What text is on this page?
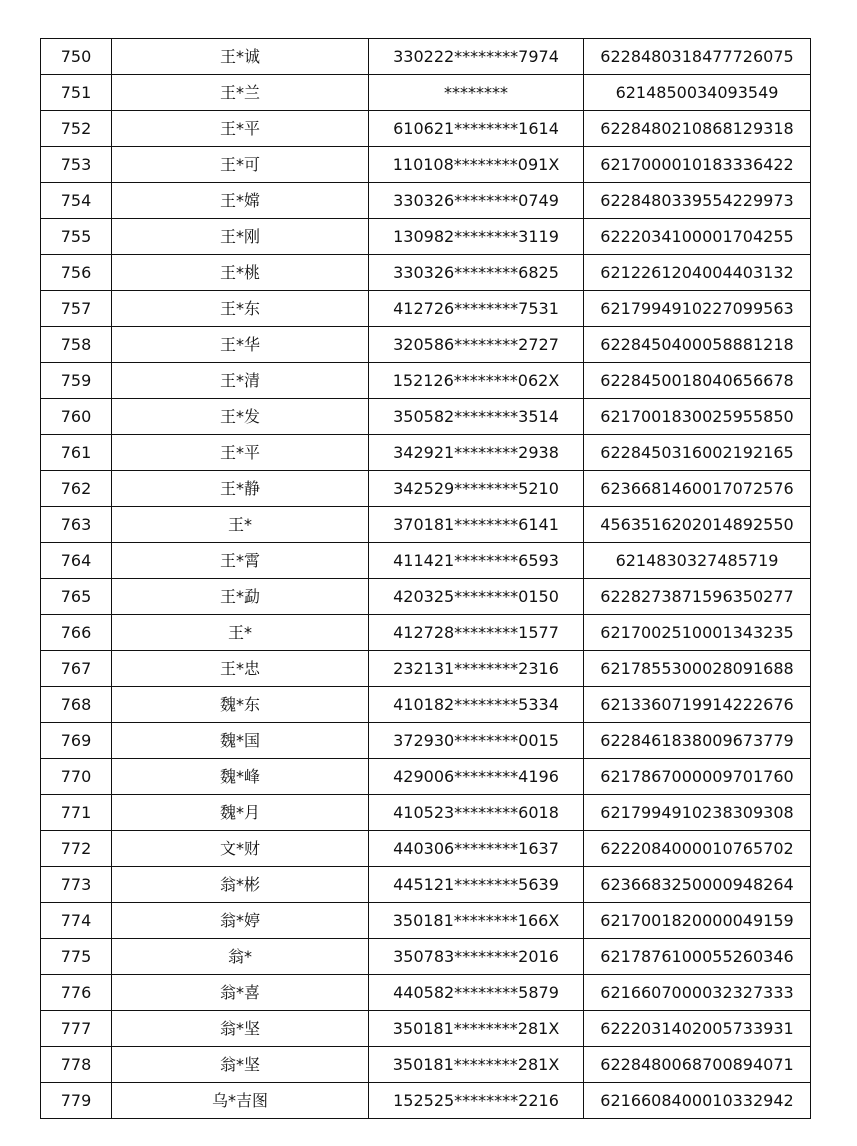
750	王*诚	330222********7974	6228480318477726075
751	王*兰	********	6214850034093549
752	王*平	610621********1614	6228480210868129318
753	王*可	110108********091X	6217000010183336422
754	王*嫦	330326********0749	6228480339554229973
755	王*刚	130982********3119	6222034100001704255
756	王*桃	330326********6825	6212261204004403132
757	王*东	412726********7531	6217994910227099563
758	王*华	320586********2727	6228450400058881218
759	王*清	152126********062X	6228450018040656678
760	王*发	350582********3514	6217001830025955850
761	王*平	342921********2938	6228450316002192165
762	王*静	342529********5210	6236681460017072576
763	王*	370181********6141	4563516202014892550
764	王*霄	411421********6593	6214830327485719
765	王*勐	420325********0150	6228273871596350277
766	王*	412728********1577	6217002510001343235
767	王*忠	232131********2316	6217855300028091688
768	魏*东	410182********5334	6213360719914222676
769	魏*国	372930********0015	6228461838009673779
770	魏*峰	429006********4196	6217867000009701760
771	魏*月	410523********6018	6217994910238309308
772	文*财	440306********1637	6222084000010765702
773	翁*彬	445121********5639	6236683250000948264
774	翁*婷	350181********166X	6217001820000049159
775	翁*	350783********2016	6217876100055260346
776	翁*喜	440582********5879	6216607000032327333
777	翁*坚	350181********281X	6222031402005733931
778	翁*坚	350181********281X	6228480068700894071
779	乌*吉图	152525********2216	6216608400010332942
